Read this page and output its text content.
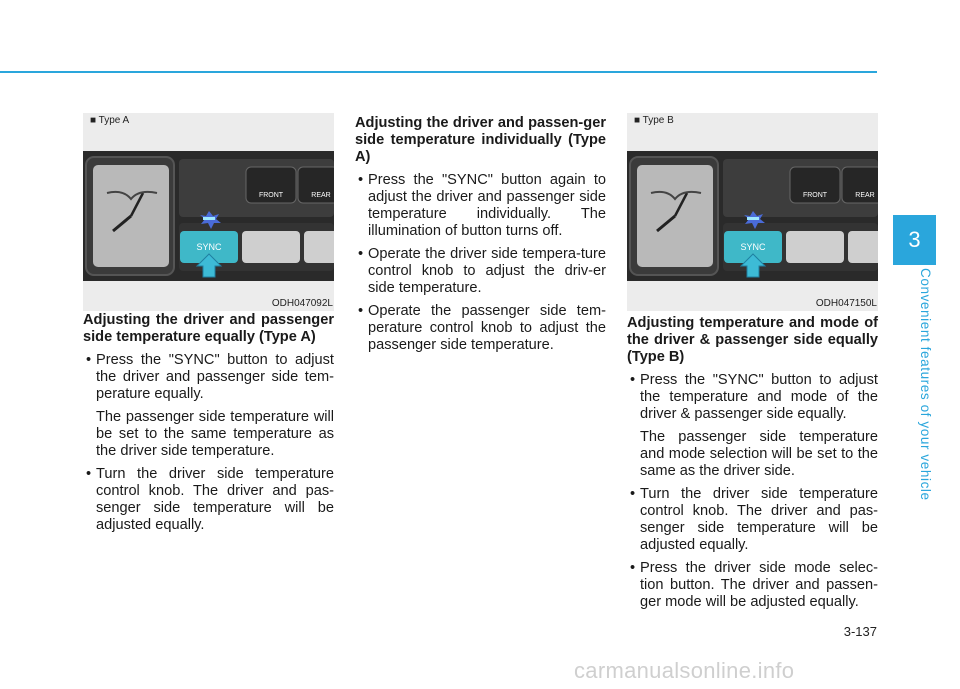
FRONT	REAR
SYNC
■ Type A
ODH047092L
FRONT	REAR
SYNC
■ Type B
ODH047150L
Adjusting the driver and passenger side temperature equally (Type A)

• Press the "SYNC" button to adjust the driver and passenger side tem-perature equally.

The passenger side temperature will be set to the same temperature as the driver side temperature.

• Turn the driver side temperature control knob. The driver and pas-senger side temperature will be adjusted equally.

Adjusting the driver and passen-ger side temperature individually (Type A)

• Press the "SYNC" button again to adjust the driver and passenger side temperature individually. The illumination of button turns off.

• Operate the driver side tempera-ture control knob to adjust the driv-er side temperature.

• Operate the passenger side tem-perature control knob to adjust the passenger side temperature.

Adjusting temperature and mode of the driver & passenger side equally (Type B)

• Press the "SYNC" button to adjust the temperature and mode of the driver & passenger side equally.

The passenger side temperature and mode selection will be set to the same as the driver side.

• Turn the driver side temperature control knob. The driver and pas-senger side temperature will be adjusted equally.

• Press the driver side mode selec-tion button. The driver and passen-ger mode will be adjusted equally.

3
Convenient features of your vehicle
3-137
carmanualsonline.info
